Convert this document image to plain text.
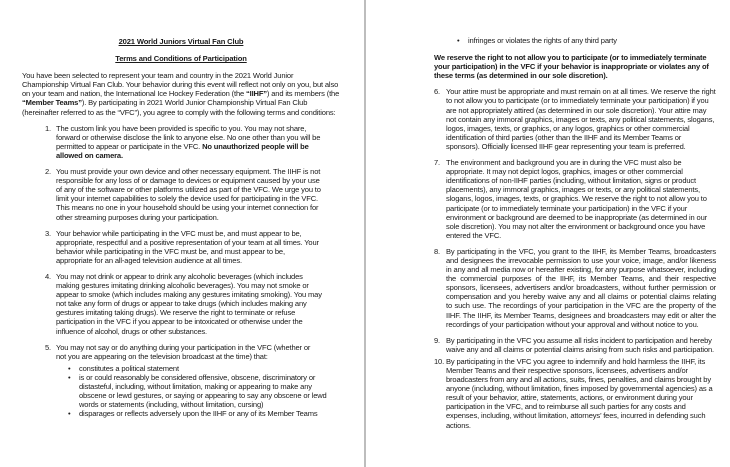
2021 World Juniors Virtual Fan Club
Terms and Conditions of Participation
You have been selected to represent your team and country in the 2021 World Junior Championship Virtual Fan Club. Your behavior during this event will reflect not only on you, but also on your team and nation, the International Ice Hockey Federation (the “IIHF”) and its members (the “Member Teams”). By participating in 2021 World Junior Championship Virtual Fan Club (hereinafter referred to as the “VFC”), you agree to comply with the following terms and conditions:
1. The custom link you have been provided is specific to you. You may not share, forward or otherwise disclose the link to anyone else. No one other than you will be permitted to appear or participate in the VFC. No unauthorized people will be allowed on camera.
2. You must provide your own device and other necessary equipment. The IIHF is not responsible for any loss of or damage to devices or equipment caused by your use of any of the software or other platforms utilized as part of the VFC. We urge you to limit your internet capabilities to solely the device used for participating in the VFC. This means no one in your household should be using your internet connection for other streaming purposes during your participation.
3. Your behavior while participating in the VFC must be, and must appear to be, appropriate, respectful and a positive representation of your team at all times. Your behavior while participating in the VFC must be, and must appear to be, appropriate for an all-aged television audience at all times.
4. You may not drink or appear to drink any alcoholic beverages (which includes making gestures imitating drinking alcoholic beverages). You may not smoke or appear to smoke (which includes making any gestures imitating smoking). You may not take any form of drugs or appear to take drugs (which includes making any gestures imitating taking drugs). We reserve the right to terminate or refuse participation in the VFC if you appear to be intoxicated or otherwise under the influence of alcohol, drugs or other substances.
5. You may not say or do anything during your participation in the VFC (whether or not you are appearing on the television broadcast at the time) that:
• constitutes a political statement
• is or could reasonably be considered offensive, obscene, discriminatory or distasteful, including, without limitation, making or appearing to make any obscene or lewd gestures, or saying or appearing to say any obscene or lewd words or statements (including, without limitation, cursing)
• disparages or reflects adversely upon the IIHF or any of its Member Teams
• infringes or violates the rights of any third party
We reserve the right to not allow you to participate (or to immediately terminate your participation) in the VFC if your behavior is inappropriate or violates any of these terms (as determined in our sole discretion).
6. Your attire must be appropriate and must remain on at all times. We reserve the right to not allow you to participate (or to immediately terminate your participation) if you are not appropriately attired (as determined in our sole discretion). Your attire may not contain any immoral graphics, images or texts, any political statements, slogans, logos, images, texts, or graphics, or any logos, graphics or other commercial identification of third parties (other than the IIHF and its Member Teams or sponsors). Officially licensed IIHF gear representing your team is preferred.
7. The environment and background you are in during the VFC must also be appropriate. It may not depict logos, graphics, images or other commercial identifications of non-IIHF parties (including, without limitation, signs or product placements), any immoral graphics, images or texts, or any political statements, slogans, logos, images, texts, or graphics. We reserve the right to not allow you to participate (or to immediately terminate your participation) in the VFC if your environment or background are deemed to be inappropriate (as determined in our sole discretion). You may not alter the environment or background once you have entered the VFC.
8. By participating in the VFC, you grant to the IIHF, its Member Teams, broadcasters and designees the irrevocable permission to use your voice, image, and/or likeness in any and all media now or hereafter existing, for any purpose whatsoever, including the commercial purposes of the IIHF, its Member Teams, and their respective sponsors, licensees, advertisers and/or broadcasters, without further permission or compensation and you hereby waive any and all claims or potential claims relating to such use. The recordings of your participation in the VFC are the property of the IIHF. The IIHF, its Member Teams, designees and broadcasters may edit or alter the recordings of your participation without your approval and without notice to you.
9. By participating in the VFC you assume all risks incident to participation and hereby waive any and all claims or potential claims arising from such risks and participation.
10. By participating in the VFC you agree to indemnify and hold harmless the IIHF, its Member Teams and their respective sponsors, licensees, advertisers and/or broadcasters from any and all actions, suits, fines, penalties, and claims brought by anyone (including, without limitation, fines imposed by governmental agencies) as a result of your behavior, attire, statements, actions, or environment during your participation in the VFC, and to reimburse all such parties for any costs and expenses, including, without limitation, attorneys’ fees, incurred in defending such actions.
